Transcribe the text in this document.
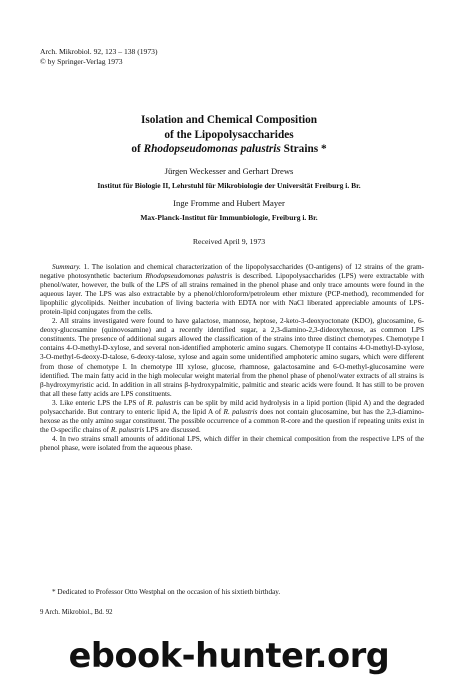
Arch. Mikrobiol. 92, 123 – 138 (1973)
© by Springer-Verlag 1973
Isolation and Chemical Composition
of the Lipopolysaccharides
of Rhodopseudomonas palustris Strains *
Jürgen Weckesser and Gerhart Drews
Institut für Biologie II, Lehrstuhl für Mikrobiologie der Universität Freiburg i. Br.
Inge Fromme and Hubert Mayer
Max-Planck-Institut für Immunbiologie, Freiburg i. Br.
Received April 9, 1973

Summary. 1. The isolation and chemical characterization of the lipopolysaccharides (O-antigens) of 12 strains of the gram-negative photosynthetic bacterium Rhodopseudomonas palustris is described. Lipopolysaccharides (LPS) were extractable with phenol/water, however, the bulk of the LPS of all strains remained in the phenol phase and only trace amounts were found in the aqueous layer. The LPS was also extractable by a phenol/chloroform/petroleum ether mixture (PCP-method), recommended for lipophilic glycolipids. Neither incubation of living bacteria with EDTA nor with NaCl liberated appreciable amounts of LPS-protein-lipid conjugates from the cells.

2. All strains investigated were found to have galactose, mannose, heptose, 2-keto-3-deoxyoctonate (KDO), glucosamine, 6-deoxy-glucosamine (quinovosamine) and a recently identified sugar, a 2,3-diamino-2,3-dideoxyhexose, as common LPS constituents. The presence of additional sugars allowed the classification of the strains into three distinct chemotypes. Chemotype I contains 4-O-methyl-D-xylose, and several non-identified amphoteric amino sugars. Chemotype II contains 4-O-methyl-D-xylose, 3-O-methyl-6-deoxy-D-talose, 6-deoxy-talose, xylose and again some unidentified amphoteric amino sugars, which were different from those of chemotype I. In chemotype III xylose, glucose, rhamnose, galactosamine and 6-O-methyl-glucosamine were identified. The main fatty acid in the high molecular weight material from the phenol phase of phenol/water extracts of all strains is β-hydroxymyristic acid. In addition in all strains β-hydroxypalmitic, palmitic and stearic acids were found. It has still to be proven that all these fatty acids are LPS constituents.

3. Like enteric LPS the LPS of R. palustris can be split by mild acid hydrolysis in a lipid portion (lipid A) and the degraded polysaccharide. But contrary to enteric lipid A, the lipid A of R. palustris does not contain glucosamine, but has the 2,3-diamino-hexose as the only amino sugar constituent. The possible occurrence of a common R-core and the question if repeating units exist in the O-specific chains of R. palustris LPS are discussed.

4. In two strains small amounts of additional LPS, which differ in their chemical composition from the respective LPS of the phenol phase, were isolated from the aqueous phase.

* Dedicated to Professor Otto Westphal on the occasion of his sixtieth birthday.
9 Arch. Mikrobiol., Bd. 92
ebook-hunter.org
